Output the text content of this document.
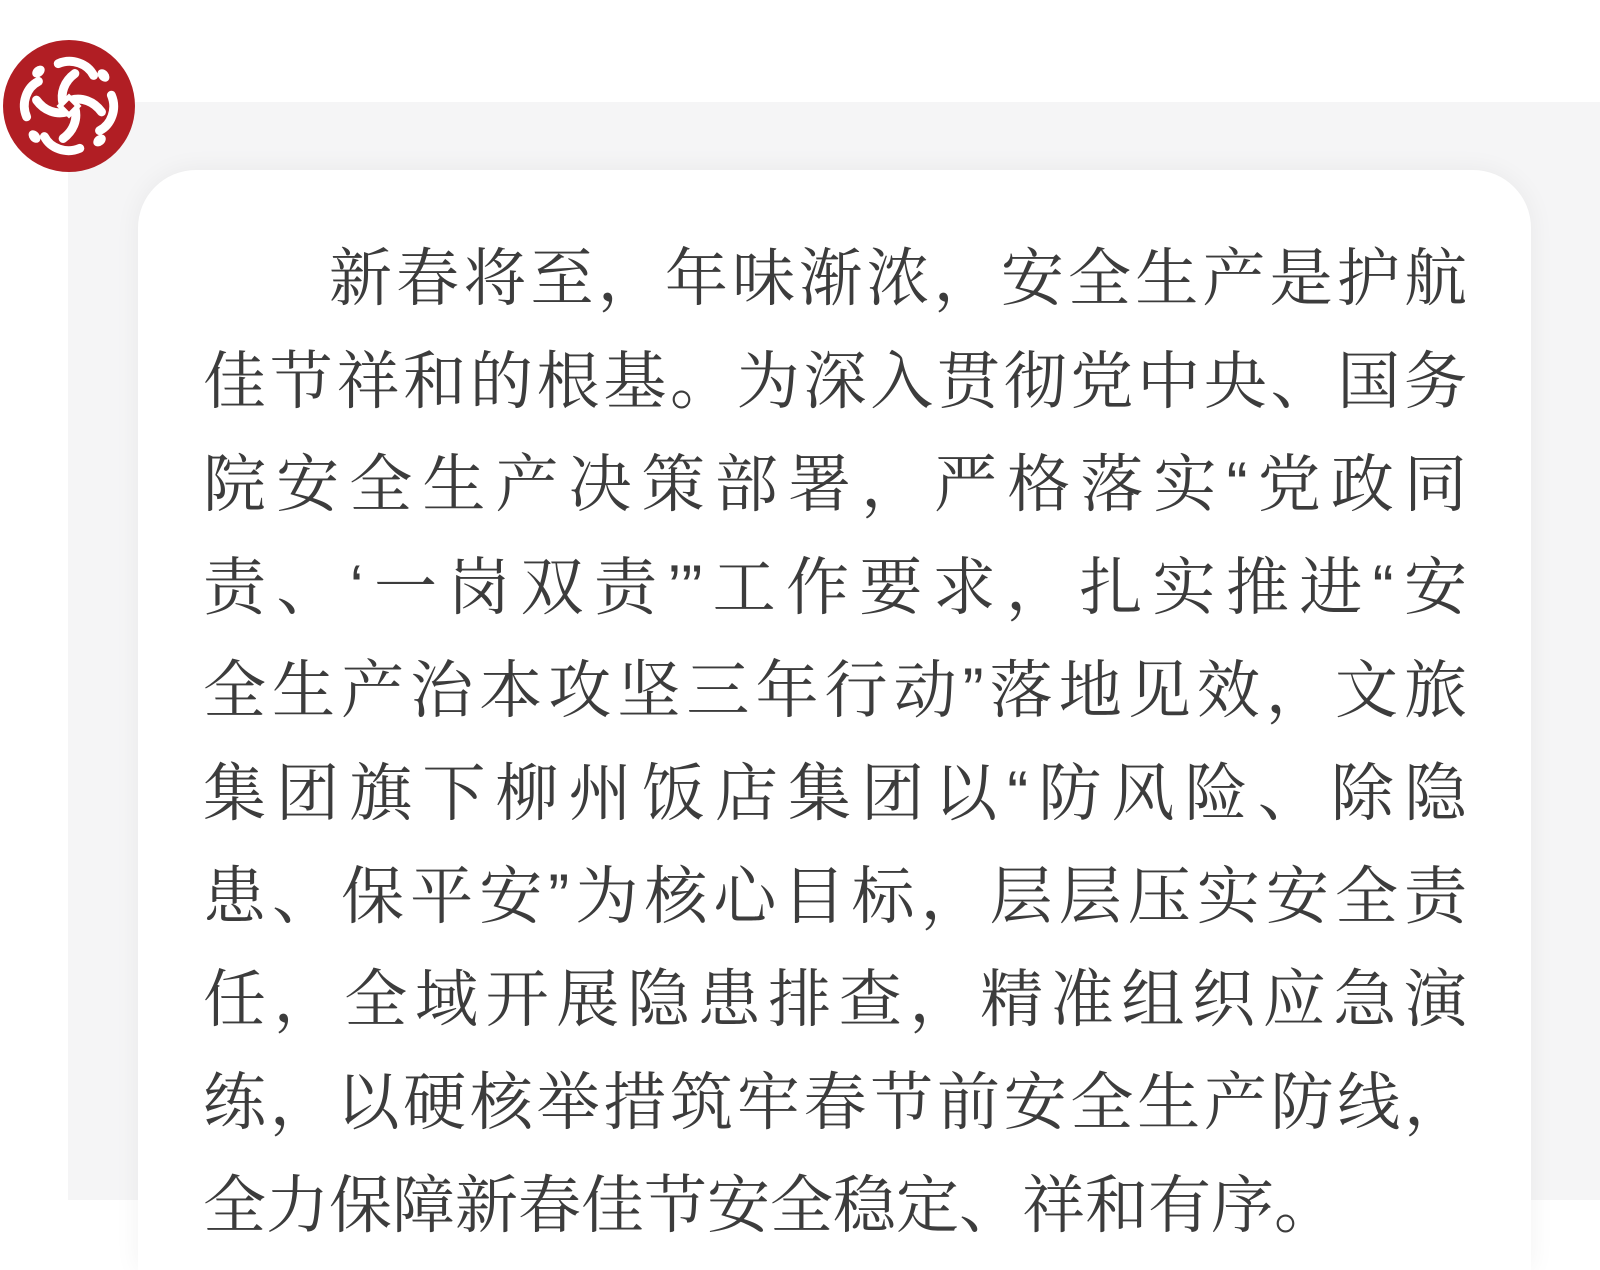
新春将至，年味渐浓，安全生产是护航
佳节祥和的根基。为深入贯彻党中央、国务
院安全生产决策部署，严格落实“党政同
责、‘一岗双责’”工作要求，扎实推进“安
全生产治本攻坚三年行动”落地见效，文旅
集团旗下柳州饭店集团以“防风险、除隐
患、保平安”为核心目标，层层压实安全责
任，全域开展隐患排查，精准组织应急演
练，以硬核举措筑牢春节前安全生产防线，
全力保障新春佳节安全稳定、祥和有序。
